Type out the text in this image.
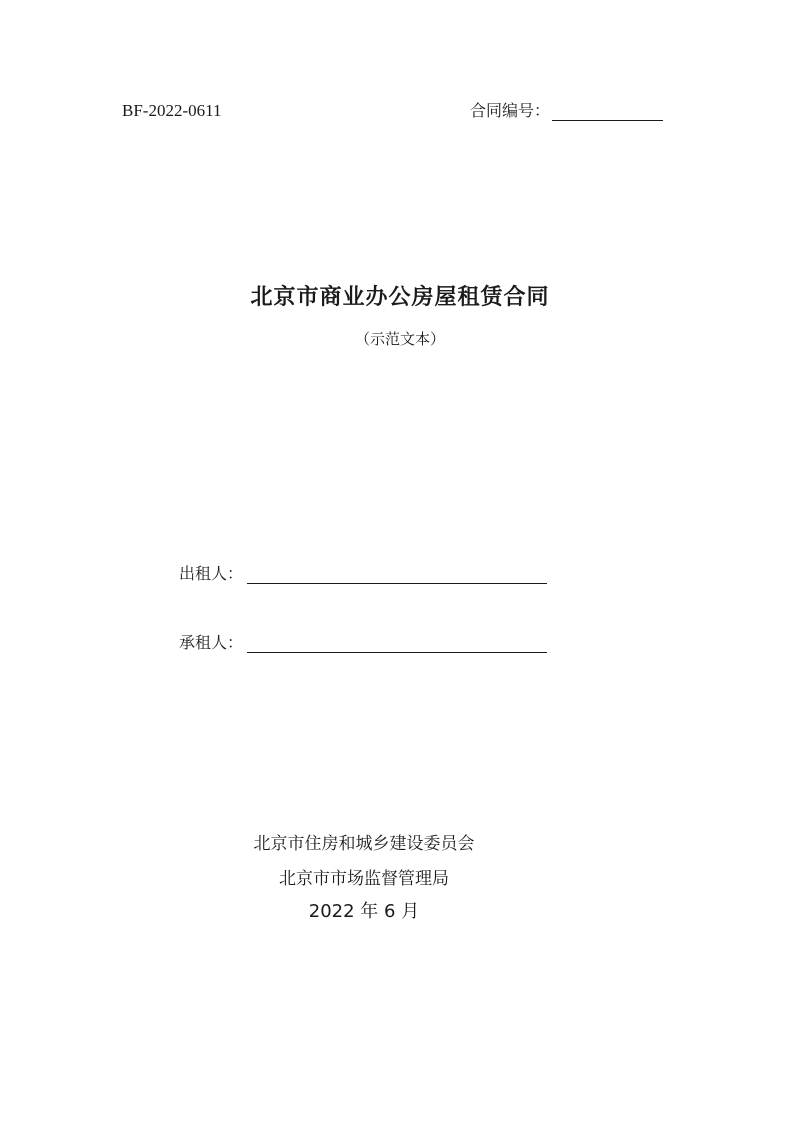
BF-2022-0611	合同编号：
北京市商业办公房屋租赁合同
（示范文本）
出租人：
承租人：
北京市住房和城乡建设委员会
北京市市场监督管理局
2022 年 6 月
